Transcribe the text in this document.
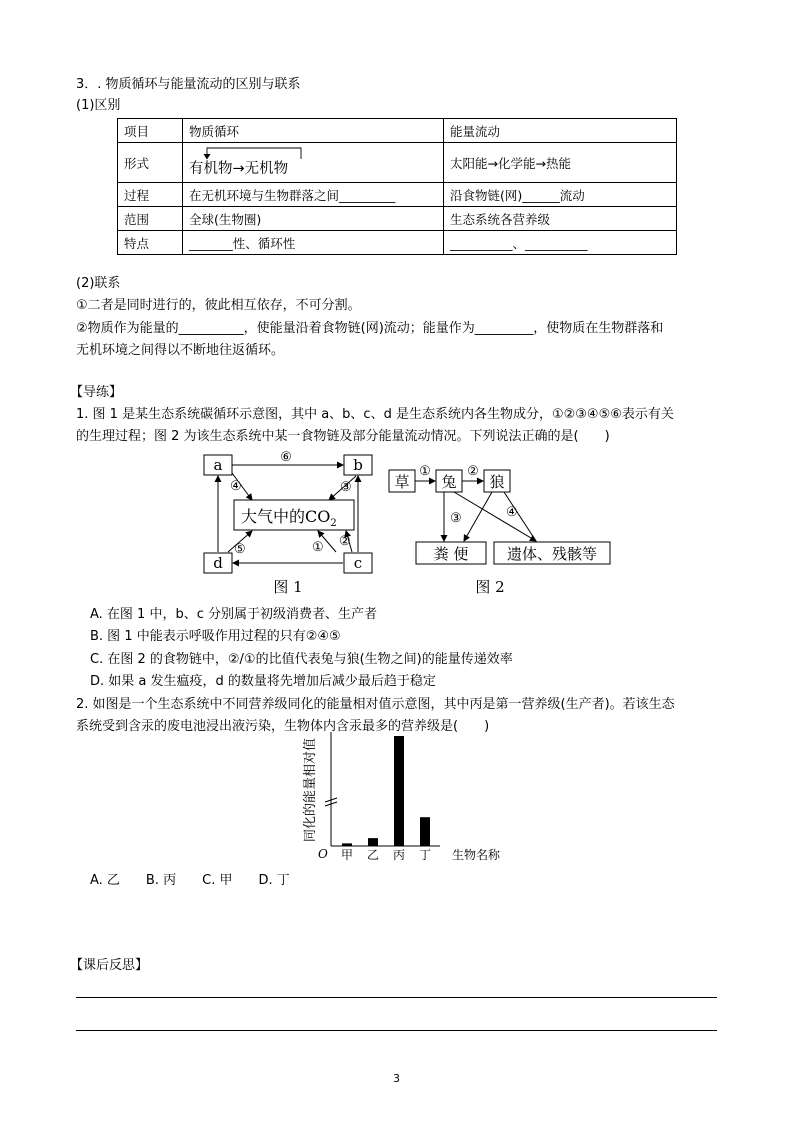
3．. 物质循环与能量流动的区别与联系
(1)区别
项目	物质循环	能量流动
形式	有机物→无机物	太阳能→化学能→热能
过程	在无机环境与生物群落之间_________	沿食物链(网)______流动
范围	全球(生物圈)	生态系统各营养级
特点	_______性、循环性	__________、__________
(2)联系
①二者是同时进行的，彼此相互依存，不可分割。
②物质作为能量的__________，使能量沿着食物链(网)流动；能量作为_________，使物质在生物群落和
无机环境之间得以不断地往返循环。
【导练】
1. 图 1 是某生态系统碳循环示意图，其中 a、b、c、d 是生态系统内各生物成分，①②③④⑤⑥表示有关
的生理过程；图 2 为该生态系统中某一食物链及部分能量流动情况。下列说法正确的是(　　)
a	b
d	c
大气中的$CO_2$
⑥
④	③
②
①
⑤
图 1
草 兔 狼
粪 便	遗体、残骸等
①	②
③	④
图 2
A. 在图 1 中，b、c 分别属于初级消费者、生产者
B. 图 1 中能表示呼吸作用过程的只有②④⑤
C. 在图 2 的食物链中，②/①的比值代表兔与狼(生物之间)的能量传递效率
D. 如果 a 发生瘟疫，d 的数量将先增加后减少最后趋于稳定
2. 如图是一个生态系统中不同营养级同化的能量相对值示意图，其中丙是第一营养级(生产者)。若该生态
系统受到含汞的废电池浸出液污染，生物体内含汞最多的营养级是(　　)
同化的能量相对值
O	生物名称
甲 乙 丙 丁
A. 乙　　B. 丙　　C. 甲　　D. 丁
【课后反思】
3
